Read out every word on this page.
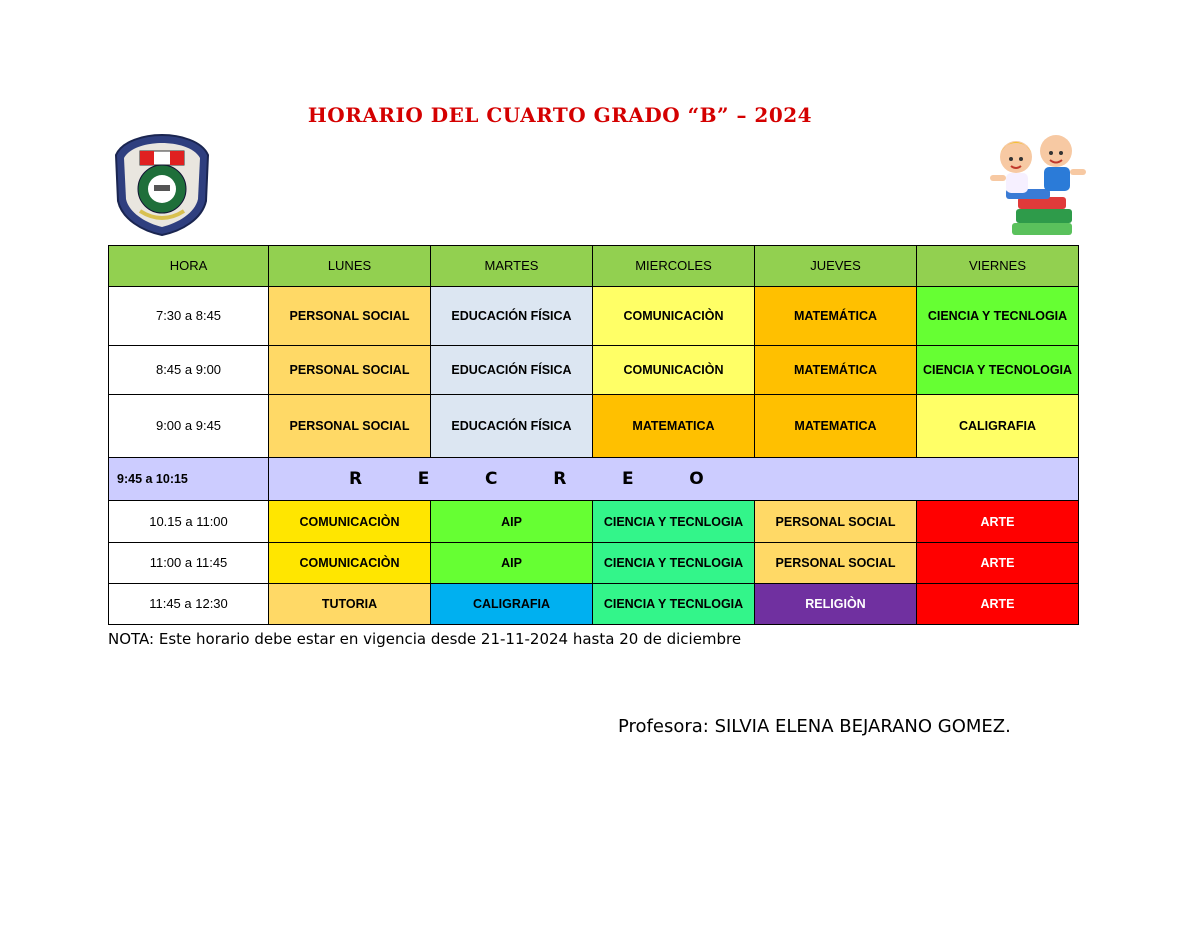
HORARIO DEL CUARTO GRADO “B” – 2024
HORA	LUNES	MARTES	MIERCOLES	JUEVES	VIERNES
7:30 a 8:45	PERSONAL SOCIAL	EDUCACIÓN FÍSICA	COMUNICACIÒN	MATEMÁTICA	CIENCIA Y TECNLOGIA
8:45 a 9:00	PERSONAL SOCIAL	EDUCACIÓN FÍSICA	COMUNICACIÒN	MATEMÁTICA	CIENCIA Y TECNOLOGIA
9:00 a 9:45	PERSONAL SOCIAL	EDUCACIÓN FÍSICA	MATEMATICA	MATEMATICA	CALIGRAFIA
9:45 a 10:15	R    E    C    R    E    O				
10.15 a 11:00	COMUNICACIÒN	AIP	CIENCIA Y TECNLOGIA	PERSONAL SOCIAL	ARTE
11:00 a 11:45	COMUNICACIÒN	AIP	CIENCIA Y TECNLOGIA	PERSONAL SOCIAL	ARTE
11:45 a 12:30	TUTORIA	CALIGRAFIA	CIENCIA Y TECNLOGIA	RELIGIÒN	ARTE
NOTA: Este horario debe estar en vigencia desde 21-11-2024 hasta 20 de diciembre
Profesora: SILVIA ELENA BEJARANO GOMEZ.
